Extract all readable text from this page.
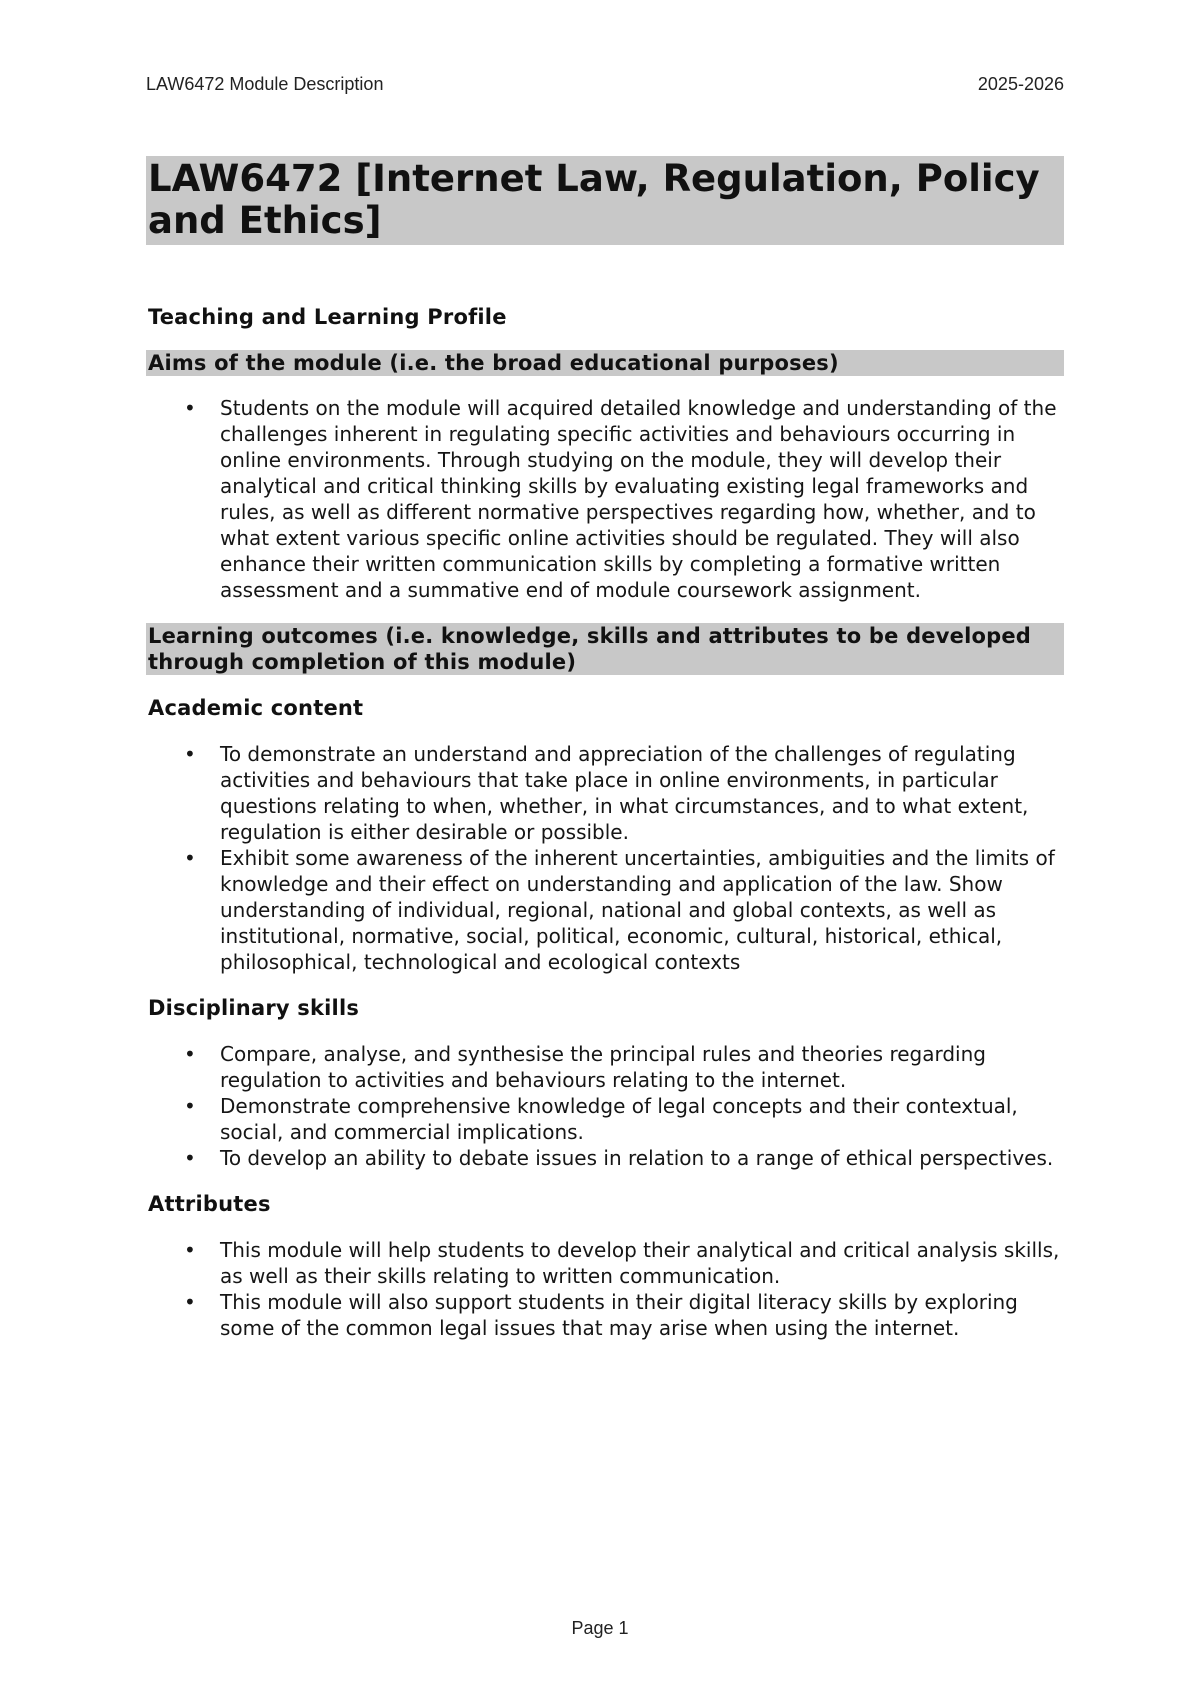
LAW6472 Module Description	2025-2026
LAW6472 [Internet Law, Regulation, Policy and Ethics]
Teaching and Learning Profile
Aims of the module (i.e. the broad educational purposes)
• Students on the module will acquired detailed knowledge and understanding of the challenges inherent in regulating specific activities and behaviours occurring in online environments. Through studying on the module, they will develop their analytical and critical thinking skills by evaluating existing legal frameworks and rules, as well as different normative perspectives regarding how, whether, and to what extent various specific online activities should be regulated. They will also enhance their written communication skills by completing a formative written assessment and a summative end of module coursework assignment.
Learning outcomes (i.e. knowledge, skills and attributes to be developed through completion of this module)
Academic content
• To demonstrate an understand and appreciation of the challenges of regulating activities and behaviours that take place in online environments, in particular questions relating to when, whether, in what circumstances, and to what extent, regulation is either desirable or possible.
• Exhibit some awareness of the inherent uncertainties, ambiguities and the limits of knowledge and their effect on understanding and application of the law. Show understanding of individual, regional, national and global contexts, as well as institutional, normative, social, political, economic, cultural, historical, ethical, philosophical, technological and ecological contexts
Disciplinary skills
• Compare, analyse, and synthesise the principal rules and theories regarding regulation to activities and behaviours relating to the internet.
• Demonstrate comprehensive knowledge of legal concepts and their contextual, social, and commercial implications.
• To develop an ability to debate issues in relation to a range of ethical perspectives.
Attributes
• This module will help students to develop their analytical and critical analysis skills, as well as their skills relating to written communication.
• This module will also support students in their digital literacy skills by exploring some of the common legal issues that may arise when using the internet.
Page 1
